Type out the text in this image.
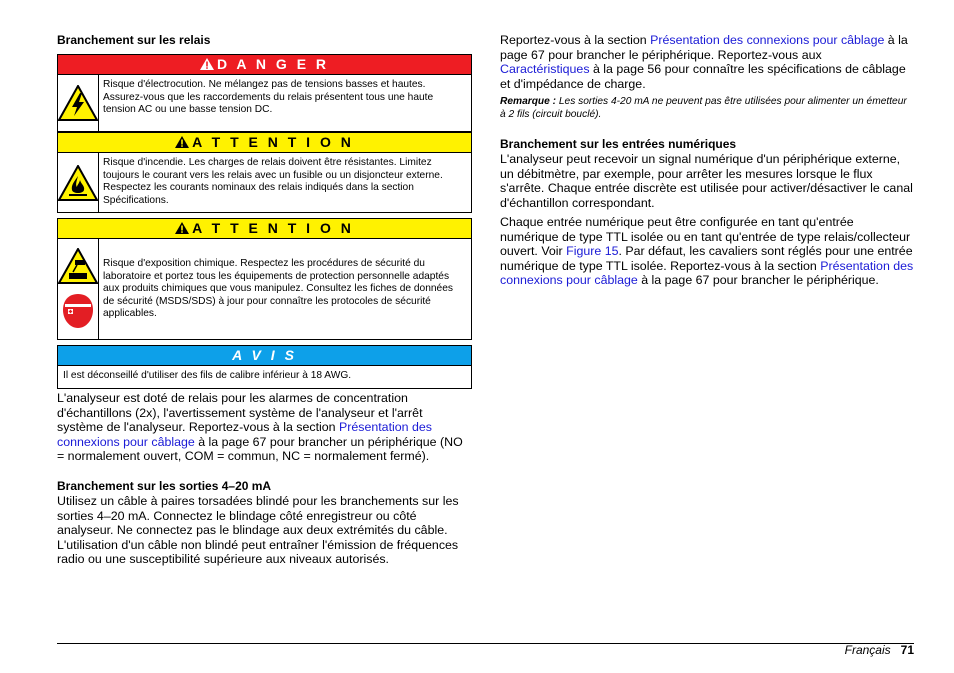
Branchement sur les relais
D A N G E R
Risque d'électrocution. Ne mélangez pas de tensions basses et hautes. Assurez-vous que les raccordements du relais présentent tous une haute tension AC ou une basse tension DC.
A T T E N T I O N
Risque d'incendie. Les charges de relais doivent être résistantes. Limitez toujours le courant vers les relais avec un fusible ou un disjoncteur externe. Respectez les courants nominaux des relais indiqués dans la section Spécifications.
A T T E N T I O N
Risque d'exposition chimique. Respectez les procédures de sécurité du laboratoire et portez tous les équipements de protection personnelle adaptés aux produits chimiques que vous manipulez. Consultez les fiches de données de sécurité (MSDS/SDS) à jour pour connaître les protocoles de sécurité applicables.
A V I S
Il est déconseillé d'utiliser des fils de calibre inférieur à 18 AWG.
L'analyseur est doté de relais pour les alarmes de concentration d'échantillons (2x), l'avertissement système de l'analyseur et l'arrêt système de l'analyseur. Reportez-vous à la section Présentation des connexions pour câblage à la page 67 pour brancher un périphérique (NO = normalement ouvert, COM = commun, NC = normalement fermé).
Branchement sur les sorties 4–20 mA
Utilisez un câble à paires torsadées blindé pour les branchements sur les sorties 4–20 mA. Connectez le blindage côté enregistreur ou côté analyseur. Ne connectez pas le blindage aux deux extrémités du câble. L'utilisation d'un câble non blindé peut entraîner l'émission de fréquences radio ou une susceptibilité supérieure aux niveaux autorisés.
Reportez-vous à la section Présentation des connexions pour câblage à la page 67 pour brancher le périphérique. Reportez-vous aux Caractéristiques à la page 56 pour connaître les spécifications de câblage et d'impédance de charge.
Remarque : Les sorties 4-20 mA ne peuvent pas être utilisées pour alimenter un émetteur à 2 fils (circuit bouclé).
Branchement sur les entrées numériques
L'analyseur peut recevoir un signal numérique d'un périphérique externe, un débitmètre, par exemple, pour arrêter les mesures lorsque le flux s'arrête. Chaque entrée discrète est utilisée pour activer/désactiver le canal d'échantillon correspondant.
Chaque entrée numérique peut être configurée en tant qu'entrée numérique de type TTL isolée ou en tant qu'entrée de type relais/collecteur ouvert. Voir Figure 15. Par défaut, les cavaliers sont réglés pour une entrée numérique de type TTL isolée. Reportez-vous à la section Présentation des connexions pour câblage à la page 67 pour brancher le périphérique.
Français 71
